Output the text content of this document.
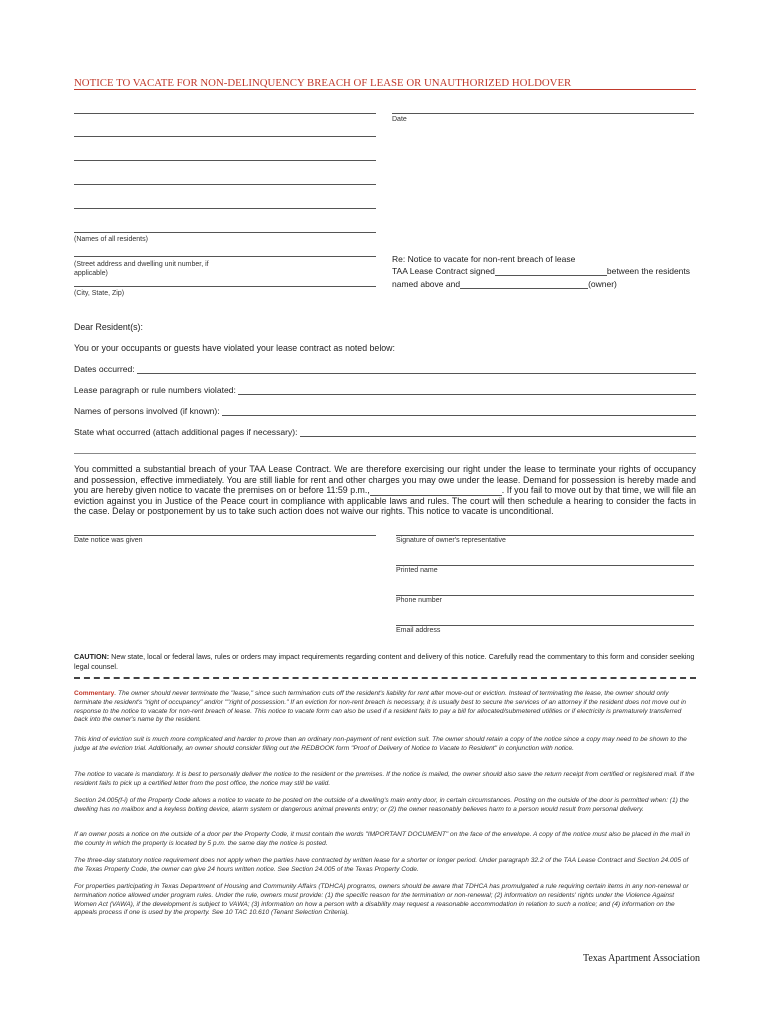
NOTICE TO VACATE FOR NON-DELINQUENCY BREACH OF LEASE OR UNAUTHORIZED HOLDOVER
(Names of all residents)
Date
(Street address and dwelling unit number, if applicable)
(City, State, Zip)
Re: Notice to vacate for non-rent breach of lease
TAA Lease Contract signed	between the residents
named above and	(owner)
Dear Resident(s):
You or your occupants or guests have violated your lease contract as noted below:
Dates occurred:
Lease paragraph or rule numbers violated:
Names of persons involved (if known):
State what occurred (attach additional pages if necessary):
You committed a substantial breach of your TAA Lease Contract. We are therefore exercising our right under the lease to terminate your rights of occupancy and possession, effective immediately. You are still liable for rent and other charges you may owe under the lease. Demand for possession is hereby made and you are hereby given notice to vacate the premises on or before 11:59 p.m.,	. If you fail to move out by that time, we will file an eviction against you in Justice of the Peace court in compliance with applicable laws and rules. The court will then schedule a hearing to consider the facts in the case. Delay or postponement by us to take such action does not waive our rights. This notice to vacate is unconditional.
Date notice was given	Signature of owner's representative
Printed name
Phone number
Email address
CAUTION: New state, local or federal laws, rules or orders may impact requirements regarding content and delivery of this notice. Carefully read the commentary to this form and consider seeking legal counsel.
Commentary. The owner should never terminate the "lease," since such termination cuts off the resident's liability for rent after move-out or eviction. Instead of terminating the lease, the owner should only terminate the resident's "right of occupancy" and/or ""right of possession." If an eviction for non-rent breach is necessary, it is usually best to secure the services of an attorney if the resident does not move out in response to the notice to vacate for non-rent breach of lease. This notice to vacate form can also be used if a resident fails to pay a bill for allocated/submetered utilities or if electricity is prematurely transferred back into the owner's name by the resident.
This kind of eviction suit is much more complicated and harder to prove than an ordinary non-payment of rent eviction suit. The owner should retain a copy of the notice since a copy may need to be shown to the judge at the eviction trial. Additionally, an owner should consider filling out the REDBOOK form "Proof of Delivery of Notice to Vacate to Resident" in conjunction with notice.
The notice to vacate is mandatory. It is best to personally deliver the notice to the resident or the premises. If the notice is mailed, the owner should also save the return receipt from certified or registered mail. If the resident fails to pick up a certified letter from the post office, the notice may still be valid.
Section 24.005(f-i) of the Property Code allows a notice to vacate to be posted on the outside of a dwelling's main entry door, in certain circumstances. Posting on the outside of the door is permitted when: (1) the dwelling has no mailbox and a keyless bolting device, alarm system or dangerous animal prevents entry; or (2) the owner reasonably believes harm to a person would result from personal delivery.
If an owner posts a notice on the outside of a door per the Property Code, it must contain the words "IMPORTANT DOCUMENT" on the face of the envelope. A copy of the notice must also be placed in the mail in the county in which the property is located by 5 p.m. the same day the notice is posted.
The three-day statutory notice requirement does not apply when the parties have contracted by written lease for a shorter or longer period. Under paragraph 32.2 of the TAA Lease Contract and Section 24.005 of the Texas Property Code, the owner can give 24 hours written notice. See Section 24.005 of the Texas Property Code.
For properties participating in Texas Department of Housing and Community Affairs (TDHCA) programs, owners should be aware that TDHCA has promulgated a rule requiring certain items in any non-renewal or termination notice allowed under program rules. Under the rule, owners must provide: (1) the specific reason for the termination or non-renewal; (2) information on residents' rights under the Violence Against Women Act (VAWA), if the development is subject to VAWA; (3) information on how a person with a disability may request a reasonable accommodation in relation to such a notice; and (4) information on the appeals process if one is used by the property. See 10 TAC 10.610 (Tenant Selection Criteria).
Texas Apartment Association
